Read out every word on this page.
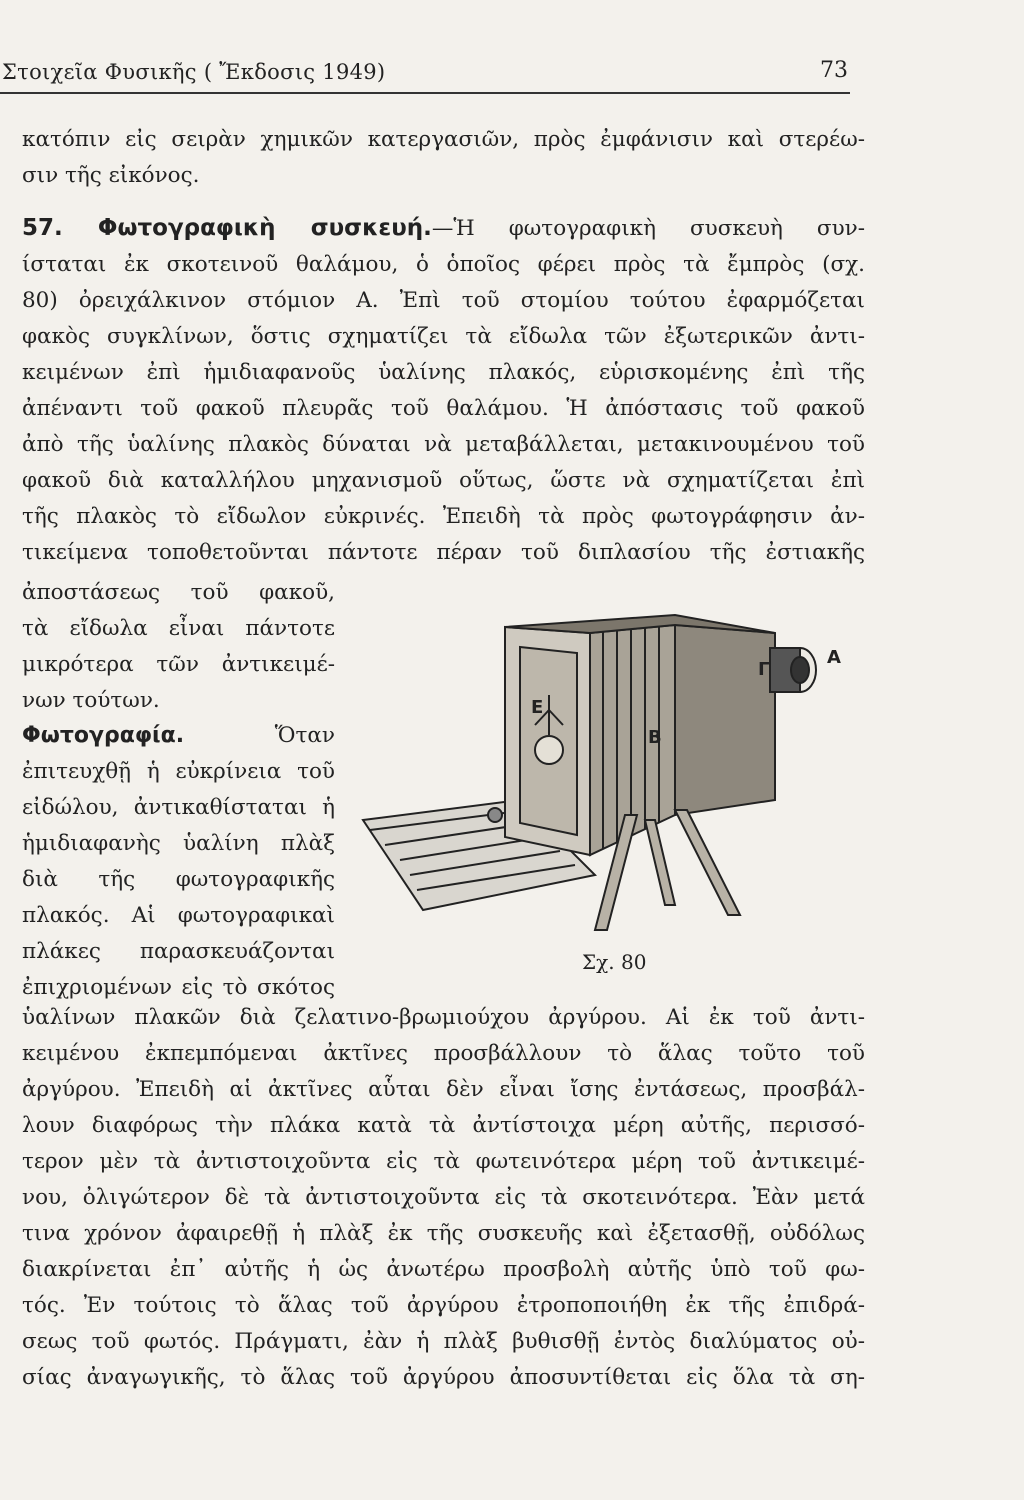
Στοιχεῖα Φυσικῆς ( Ἔκδοσις 1949)	73
κατόπιν εἰς σειρὰν χημικῶν κατεργασιῶν, πρὸς ἐμφάνισιν καὶ στερέω-
σιν τῆς εἰκόνος.
57. Φωτογραφικὴ συσκευή.—Ἡ φωτογραφικὴ συσκευὴ συν-
ίσταται ἐκ σκοτεινοῦ θαλάμου, ὁ ὁποῖος φέρει πρὸς τὰ ἔμπρὸς (σχ.
80) ὀρειχάλκινον στόμιον Α. Ἐπὶ τοῦ στομίου τούτου ἐφαρμόζεται
φακὸς συγκλίνων, ὅστις σχηματίζει τὰ εἴδωλα τῶν ἐξωτερικῶν ἀντι-
κειμένων ἐπὶ ἡμιδιαφανοῦς ὑαλίνης πλακός, εὑρισκομένης ἐπὶ τῆς
ἀπέναντι τοῦ φακοῦ πλευρᾶς τοῦ θαλάμου. Ἡ ἀπόστασις τοῦ φακοῦ
ἀπὸ τῆς ὑαλίνης πλακὸς δύναται νὰ μεταβάλλεται, μετακινουμένου τοῦ
φακοῦ διὰ καταλλήλου μηχανισμοῦ οὕτως, ὥστε νὰ σχηματίζεται ἐπὶ
τῆς πλακὸς τὸ εἴδωλον εὐκρινές. Ἐπειδὴ τὰ πρὸς φωτογράφησιν ἀν-
τικείμενα τοποθετοῦνται πάντοτε πέραν τοῦ διπλασίου τῆς ἐστιακῆς
ἀποστάσεως τοῦ φακοῦ,
τὰ εἴδωλα εἶναι πάντοτε
μικρότερα τῶν ἀντικειμέ-
νων τούτων.
Φωτογραφία.	Ὅταν
ἐπιτευχθῇ ἡ εὐκρίνεια τοῦ
εἰδώλου, ἀντικαθίσταται ἡ
ἡμιδιαφανὴς ὑαλίνη πλὰξ
διὰ τῆς φωτογραφικῆς
πλακός. Αἱ φωτογραφικαὶ
πλάκες παρασκευάζονται
ἐπιχριομένων εἰς τὸ σκότος
ὑαλίνων πλακῶν διὰ ζελατινο-βρωμιούχου ἀργύρου. Αἱ ἐκ τοῦ ἀντι-
κειμένου ἐκπεμπόμεναι ἀκτῖνες προσβάλλουν τὸ ἅλας τοῦτο τοῦ
ἀργύρου. Ἐπειδὴ αἱ ἀκτῖνες αὗται δὲν εἶναι ἴσης ἐντάσεως, προσβάλ-
λουν διαφόρως τὴν πλάκα κατὰ τὰ ἀντίστοιχα μέρη αὐτῆς, περισσό-
τερον μὲν τὰ ἀντιστοιχοῦντα εἰς τὰ φωτεινότερα μέρη τοῦ ἀντικειμέ-
νου, ὀλιγώτερον δὲ τὰ ἀντιστοιχοῦντα εἰς τὰ σκοτεινότερα. Ἐὰν μετά
τινα χρόνον ἀφαιρεθῇ ἡ πλὰξ ἐκ τῆς συσκευῆς καὶ ἐξετασθῇ, οὐδόλως
διακρίνεται ἐπ᾽ αὐτῆς ἡ ὡς ἀνωτέρω προσβολὴ αὐτῆς ὑπὸ τοῦ φω-
τός. Ἐν τούτοις τὸ ἅλας τοῦ ἀργύρου ἐτροποποιήθη ἐκ τῆς ἐπιδρά-
σεως τοῦ φωτός. Πράγματι, ἐὰν ἡ πλὰξ βυθισθῇ ἐντὸς διαλύματος οὐ-
σίας ἀναγωγικῆς, τὸ ἅλας τοῦ ἀργύρου ἀποσυντίθεται εἰς ὅλα τὰ ση-
Ε
Β
Γ
Α
Σχ. 80
